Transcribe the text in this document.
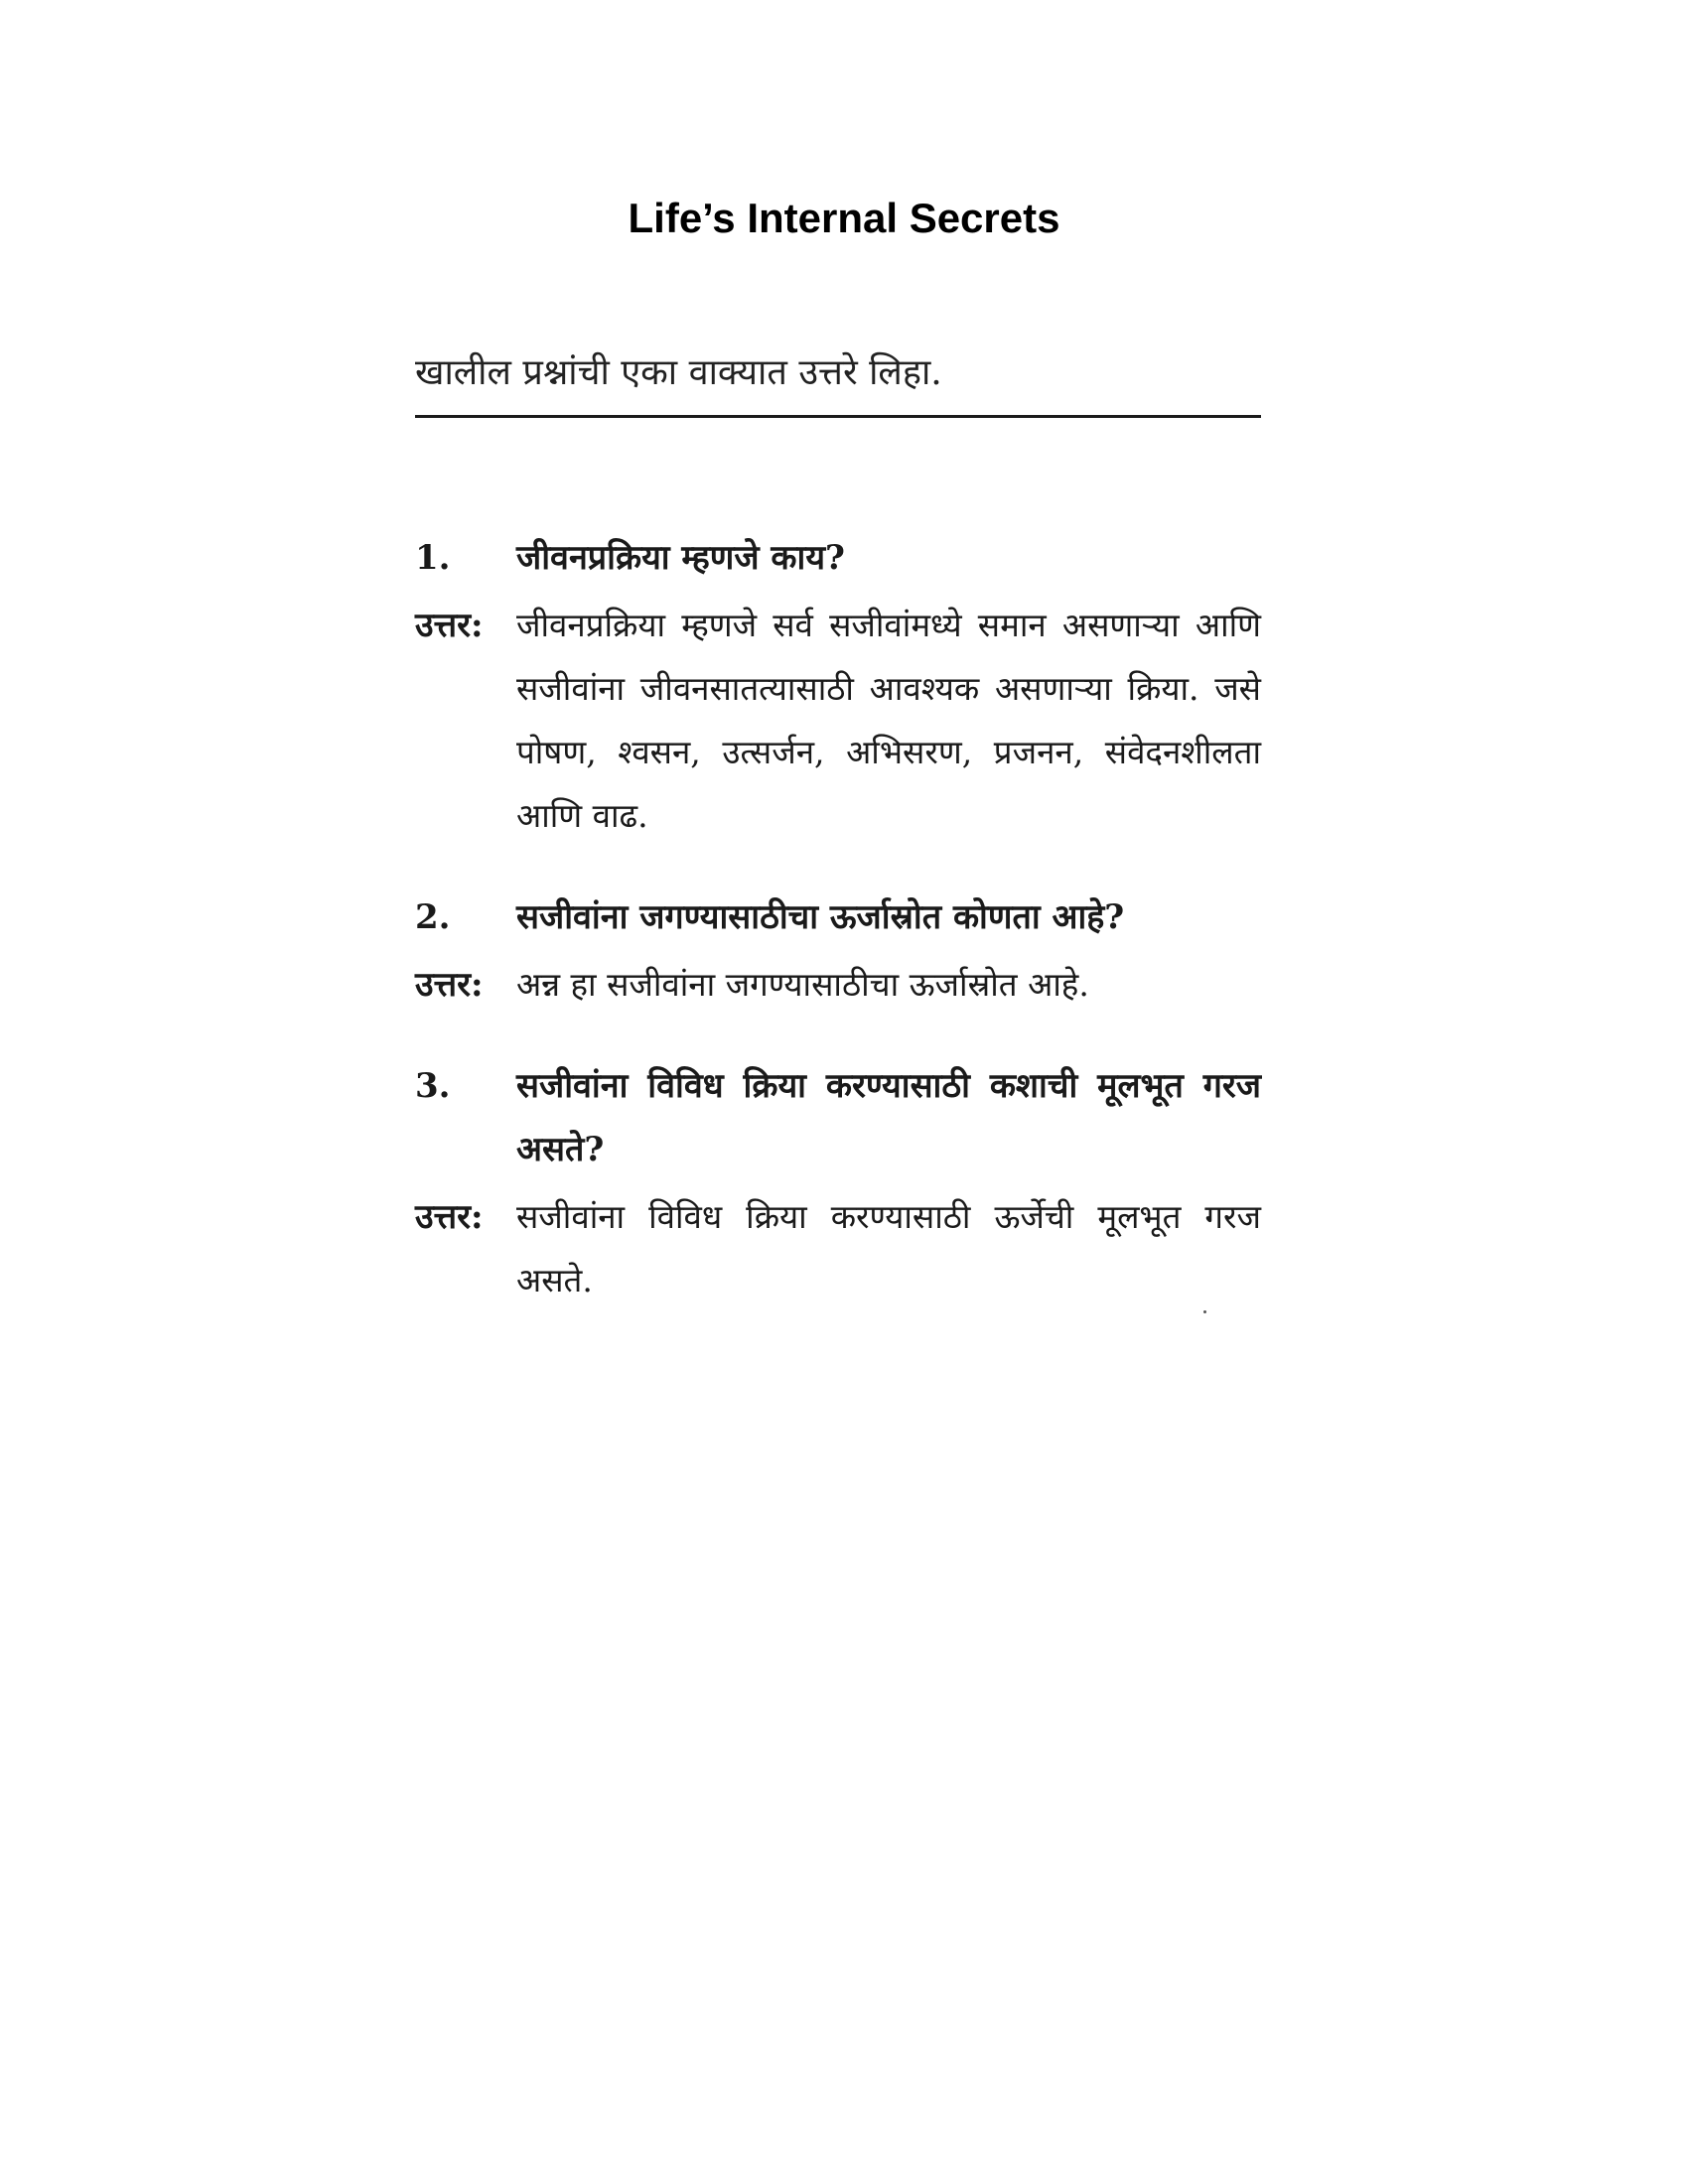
Life’s Internal Secrets
खालील प्रश्नांची एका वाक्यात उत्तरे लिहा.
1.	जीवनप्रक्रिया म्हणजे काय?
उत्तर:	जीवनप्रक्रिया म्हणजे सर्व सजीवांमध्ये समान असणाऱ्या आणि सजीवांना जीवनसातत्यासाठी आवश्यक असणाऱ्या क्रिया. जसे पोषण, श्वसन, उत्सर्जन, अभिसरण, प्रजनन, संवेदनशीलता आणि वाढ.
2.	सजीवांना जगण्यासाठीचा ऊर्जास्रोत कोणता आहे?
उत्तर:	अन्न हा सजीवांना जगण्यासाठीचा ऊर्जास्रोत आहे.
3.	सजीवांना विविध क्रिया करण्यासाठी कशाची मूलभूत गरज असते?
उत्तर:	सजीवांना विविध क्रिया करण्यासाठी ऊर्जेची मूलभूत गरज असते.
